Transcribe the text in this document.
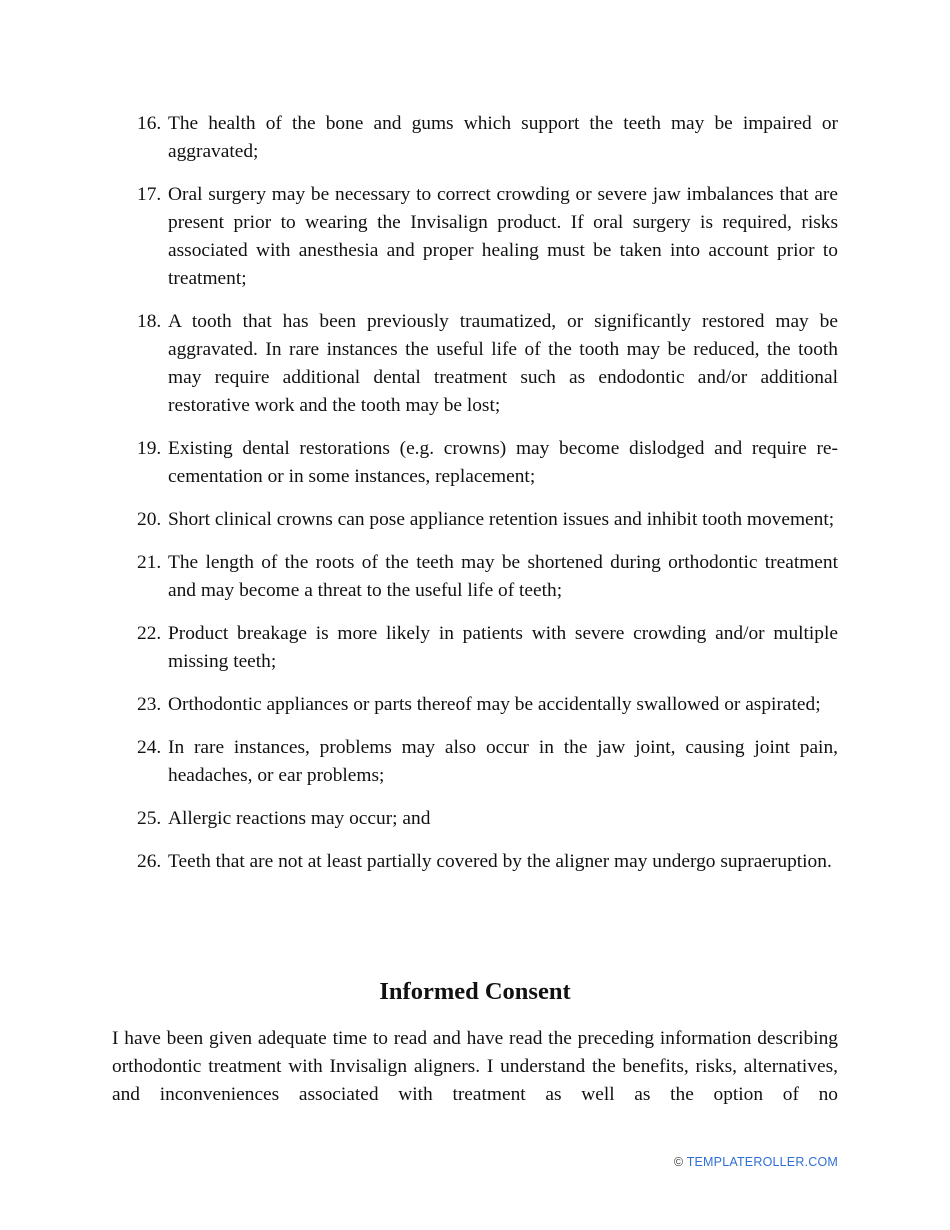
16. The health of the bone and gums which support the teeth may be impaired or aggravated;
17. Oral surgery may be necessary to correct crowding or severe jaw imbalances that are present prior to wearing the Invisalign product. If oral surgery is required, risks associated with anesthesia and proper healing must be taken into account prior to treatment;
18. A tooth that has been previously traumatized, or significantly restored may be aggravated. In rare instances the useful life of the tooth may be reduced, the tooth may require additional dental treatment such as endodontic and/or additional restorative work and the tooth may be lost;
19. Existing dental restorations (e.g. crowns) may become dislodged and require re-cementation or in some instances, replacement;
20. Short clinical crowns can pose appliance retention issues and inhibit tooth movement;
21. The length of the roots of the teeth may be shortened during orthodontic treatment and may become a threat to the useful life of teeth;
22. Product breakage is more likely in patients with severe crowding and/or multiple missing teeth;
23. Orthodontic appliances or parts thereof may be accidentally swallowed or aspirated;
24. In rare instances, problems may also occur in the jaw joint, causing joint pain, headaches, or ear problems;
25. Allergic reactions may occur; and
26. Teeth that are not at least partially covered by the aligner may undergo supraeruption.
Informed Consent

I have been given adequate time to read and have read the preceding information describing orthodontic treatment with Invisalign aligners. I understand the benefits, risks, alternatives, and inconveniences associated with treatment as well as the option of no

© TEMPLATEROLLER.COM
